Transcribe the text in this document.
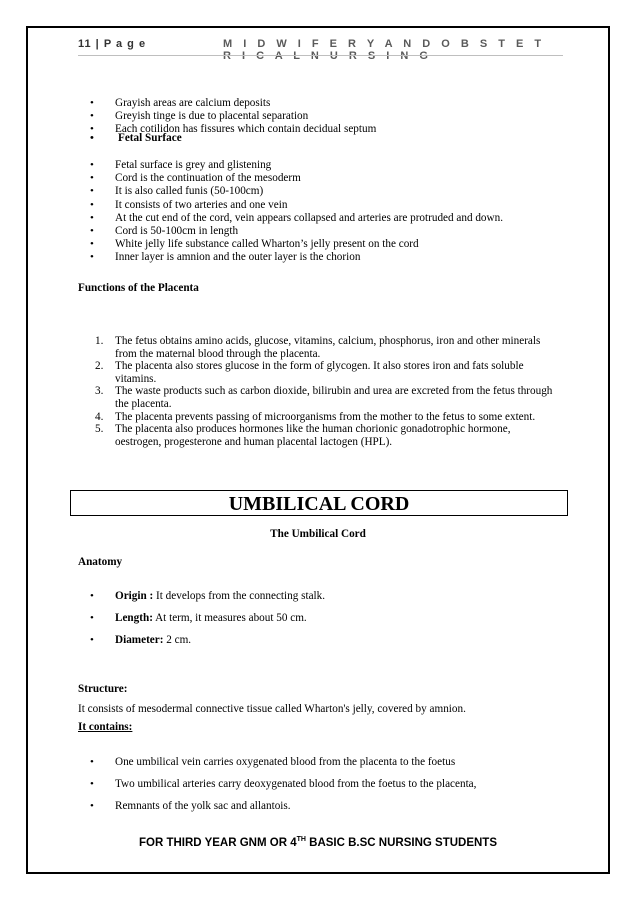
11 | P a g e	M I D W I F E R Y A N D O B S T E T R I C A L N U R S I N G
• Grayish areas are calcium deposits
• Greyish tinge is due to placental separation
• Each cotilidon has fissures which contain decidual septum
• Fetal Surface
• Fetal surface is grey and glistening
• Cord is the continuation of the mesoderm
• It is also called funis (50-100cm)
• It consists of two arteries and one vein
• At the cut end of the cord, vein appears collapsed and arteries are protruded and down.
• Cord is 50-100cm in length
• White jelly life substance called Wharton’s jelly present on the cord
• Inner layer is amnion and the outer layer is the chorion
Functions of the Placenta
1. The fetus obtains amino acids, glucose, vitamins, calcium, phosphorus, iron and other minerals
from the maternal blood through the placenta.
2. The placenta also stores glucose in the form of glycogen. It also stores iron and fats soluble
vitamins.
3. The waste products such as carbon dioxide, bilirubin and urea are excreted from the fetus through
the placenta.
4. The placenta prevents passing of microorganisms from the mother to the fetus to some extent.
5. The placenta also produces hormones like the human chorionic gonadotrophic hormone,
oestrogen, progesterone and human placental lactogen (HPL).
UMBILICAL CORD
The Umbilical Cord
Anatomy
• Origin : It develops from the connecting stalk.
• Length: At term, it measures about 50 cm.
• Diameter: 2 cm.
Structure:
It consists of mesodermal connective tissue called Wharton's jelly, covered by amnion.
It contains:
• One umbilical vein carries oxygenated blood from the placenta to the foetus
• Two umbilical arteries carry deoxygenated blood from the foetus to the placenta,
• Remnants of the yolk sac and allantois.
FOR THIRD YEAR GNM OR 4TH BASIC B.SC NURSING STUDENTS
